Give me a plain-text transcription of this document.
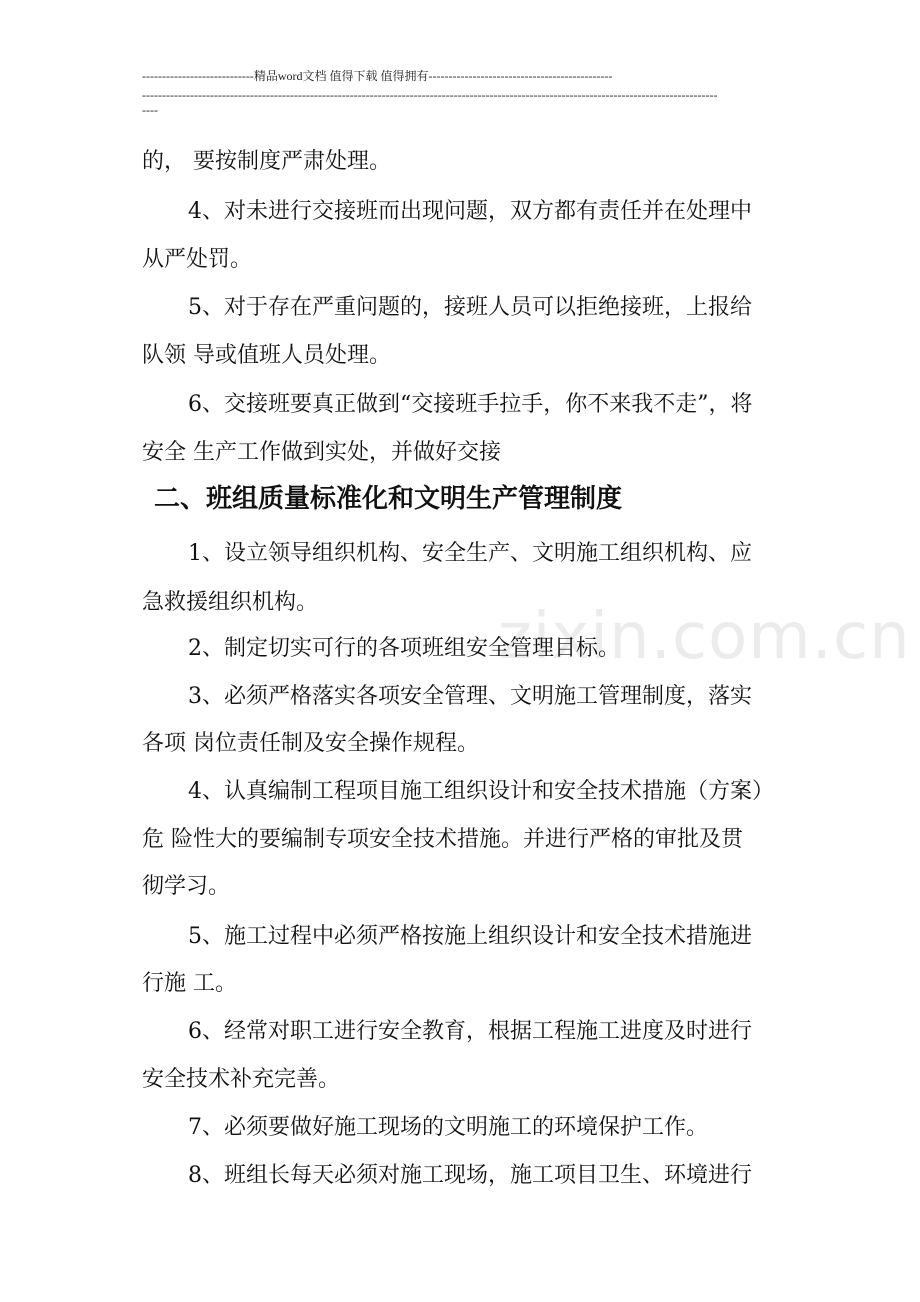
----------------------------精品word文档 值得下载 值得拥有----------------------------------------------
------------------------------------------------------------------------------------------------------------------------------------------------
----
zixin.com.cn
的， 要按制度严肃处理。
4、对未进行交接班而出现问题，双方都有责任并在处理中
从严处罚。
5、对于存在严重问题的，接班人员可以拒绝接班，上报给
队领 导或值班人员处理。
6、交接班要真正做到“交接班手拉手，你不来我不走”，将
安全 生产工作做到实处，并做好交接
二、班组质量标准化和文明生产管理制度
1、设立领导组织机构、安全生产、文明施工组织机构、应
急救援组织机构。
2、制定切实可行的各项班组安全管理目标。
3、必须严格落实各项安全管理、文明施工管理制度，落实
各项 岗位责任制及安全操作规程。
4、认真编制工程项目施工组织设计和安全技术措施（方案）
危 险性大的要编制专项安全技术措施。并进行严格的审批及贯
彻学习。
5、施工过程中必须严格按施上组织设计和安全技术措施进
行施 工。
6、经常对职工进行安全教育，根据工程施工进度及时进行
安全技术补充完善。
7、必须要做好施工现场的文明施工的环境保护工作。
8、班组长每天必须对施工现场，施工项目卫生、环境进行
